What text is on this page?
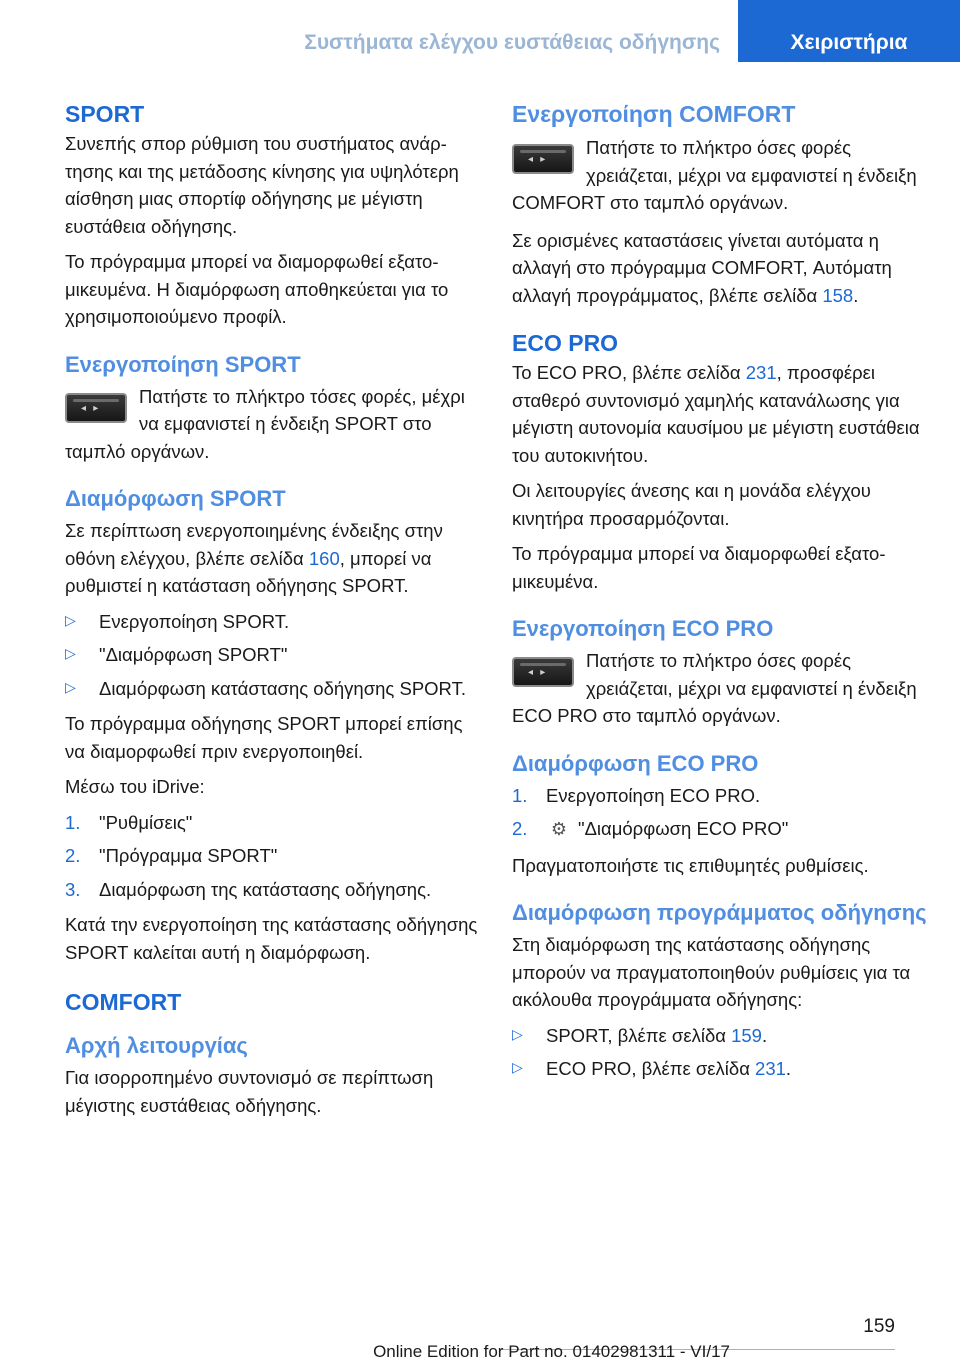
Συστήματα ελέγχου ευστάθειας οδήγησης	Χειριστήρια
SPORT

Συνεπής σπορ ρύθμιση του συστήματος ανάρτησης και της μετάδοσης κίνησης για υψηλότερη αίσθηση μιας σπορτίφ οδήγησης με μέγιστη ευστάθεια οδήγησης.

Το πρόγραμμα μπορεί να διαμορφωθεί εξατομικευμένα. Η διαμόρφωση αποθηκεύεται για το χρησιμοποιούμενο προφίλ.

Ενεργοποίηση SPORT
◂ ▸

Πατήστε το πλήκτρο τόσες φορές, μέχρι να εμφανιστεί η ένδειξη SPORT στο ταμπλό οργάνων.

Διαμόρφωση SPORT

Σε περίπτωση ενεργοποιημένης ένδειξης στην οθόνη ελέγχου, βλέπε σελίδα 160, μπορεί να ρυθμιστεί η κατάσταση οδήγησης SPORT.

▷ Ενεργοποίηση SPORT.
▷ "Διαμόρφωση SPORT"
▷ Διαμόρφωση κατάστασης οδήγησης SPORT.

Το πρόγραμμα οδήγησης SPORT μπορεί επίσης να διαμορφωθεί πριν ενεργοποιηθεί.

Μέσω του iDrive:

1. "Ρυθμίσεις"
2. "Πρόγραμμα SPORT"
3. Διαμόρφωση της κατάστασης οδήγησης.

Κατά την ενεργοποίηση της κατάστασης οδήγησης SPORT καλείται αυτή η διαμόρφωση.

COMFORT
Αρχή λειτουργίας

Για ισορροπημένο συντονισμό σε περίπτωση μέγιστης ευστάθειας οδήγησης.

Ενεργοποίηση COMFORT
◂ ▸

Πατήστε το πλήκτρο όσες φορές χρειάζεται, μέχρι να εμφανιστεί η ένδειξη COMFORT στο ταμπλό οργάνων.

Σε ορισμένες καταστάσεις γίνεται αυτόματα η αλλαγή στο πρόγραμμα COMFORT, Αυτόματη αλλαγή προγράμματος, βλέπε σελίδα 158.

ECO PRO

Το ECO PRO, βλέπε σελίδα 231, προσφέρει σταθερό συντονισμό χαμηλής κατανάλωσης για μέγιστη αυτονομία καυσίμου με μέγιστη ευστάθεια του αυτοκινήτου.

Οι λειτουργίες άνεσης και η μονάδα ελέγχου κινητήρα προσαρμόζονται.

Το πρόγραμμα μπορεί να διαμορφωθεί εξατομικευμένα.

Ενεργοποίηση ECO PRO
◂ ▸

Πατήστε το πλήκτρο όσες φορές χρειάζεται, μέχρι να εμφανιστεί η ένδειξη ECO PRO στο ταμπλό οργάνων.

Διαμόρφωση ECO PRO
1. Ενεργοποίηση ECO PRO.
2. ⚙ "Διαμόρφωση ECO PRO"

Πραγματοποιήστε τις επιθυμητές ρυθμίσεις.

Διαμόρφωση προγράμματος οδήγησης

Στη διαμόρφωση της κατάστασης οδήγησης μπορούν να πραγματοποιηθούν ρυθμίσεις για τα ακόλουθα προγράμματα οδήγησης:

▷ SPORT, βλέπε σελίδα 159.
▷ ECO PRO, βλέπε σελίδα 231.
159
Online Edition for Part no. 01402981311 - VI/17
